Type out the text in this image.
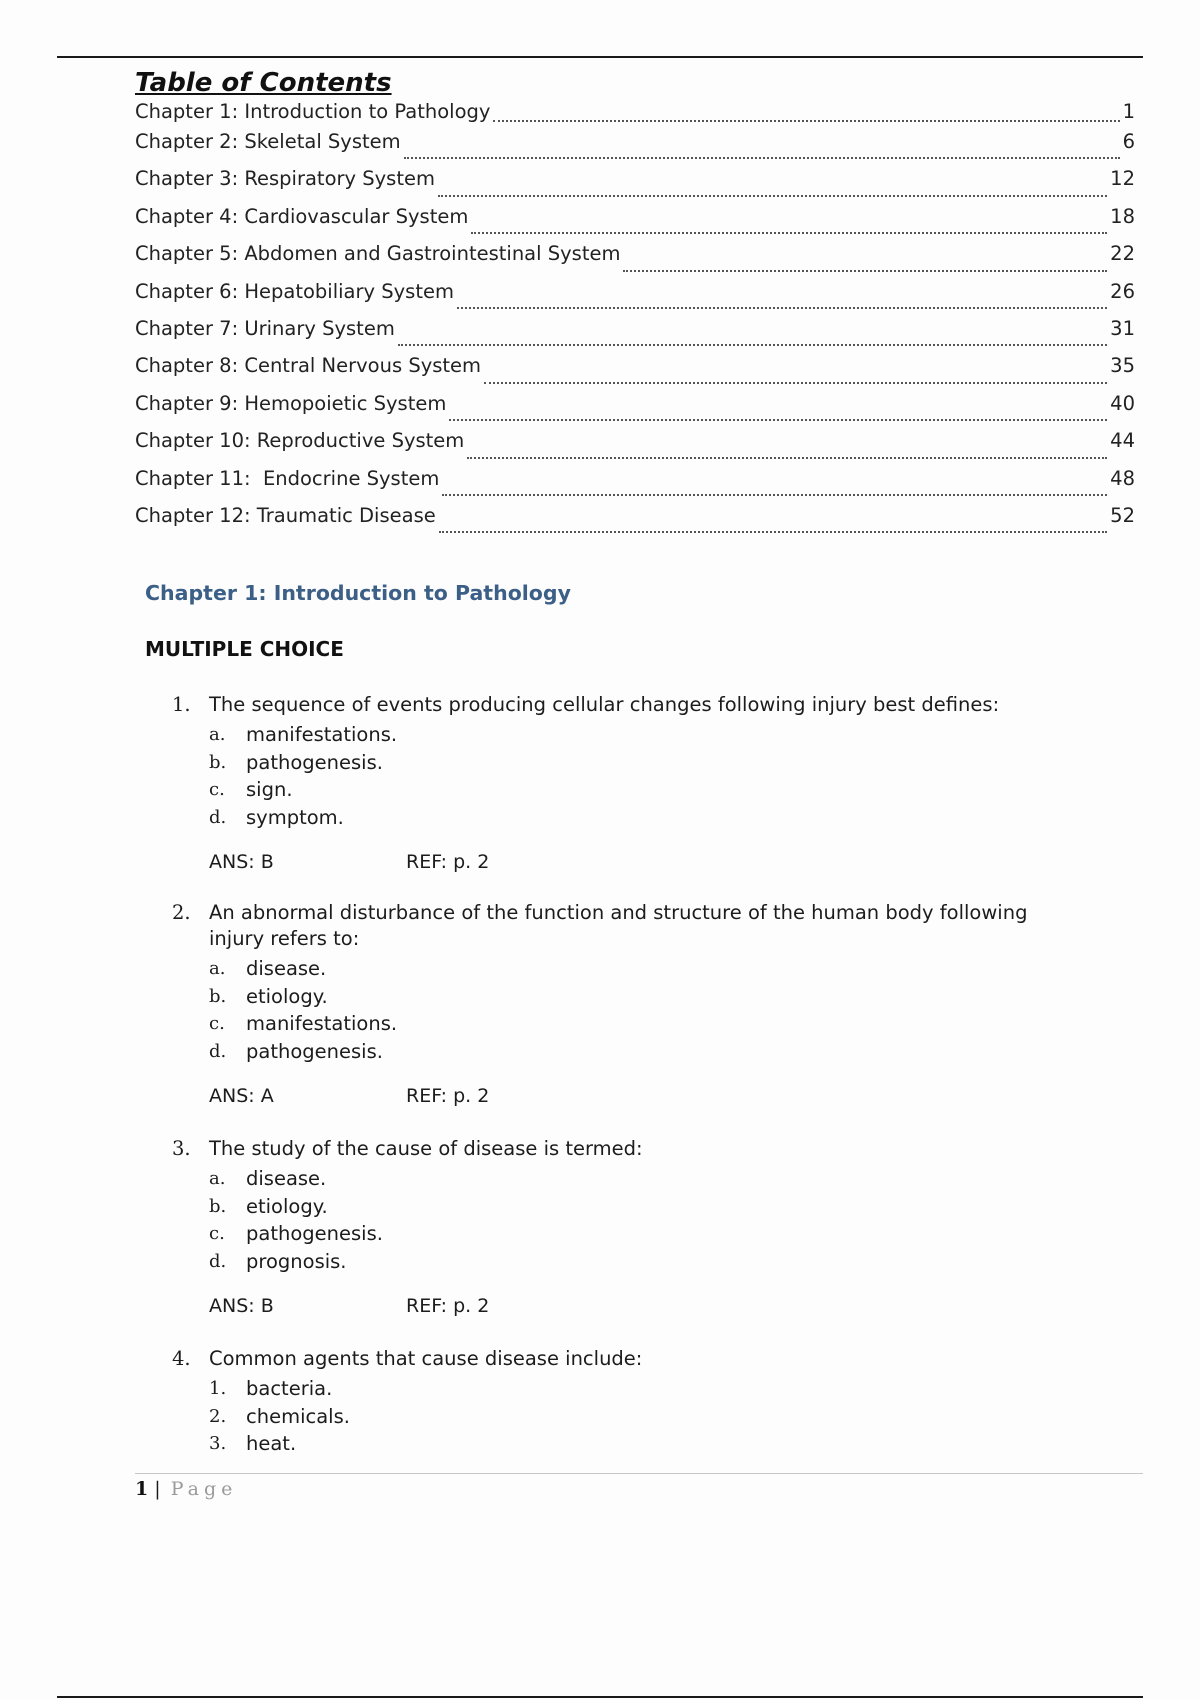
Table of Contents
Chapter 1: Introduction to Pathology	1
Chapter 2: Skeletal System	6
Chapter 3: Respiratory System	12
Chapter 4: Cardiovascular System	18
Chapter 5: Abdomen and Gastrointestinal System	22
Chapter 6: Hepatobiliary System	26
Chapter 7: Urinary System	31
Chapter 8: Central Nervous System	35
Chapter 9: Hemopoietic System	40
Chapter 10: Reproductive System	44
Chapter 11:  Endocrine System	48
Chapter 12: Traumatic Disease	52
Chapter 1: Introduction to Pathology
MULTIPLE CHOICE
1. The sequence of events producing cellular changes following injury best defines:
a.	manifestations.
b.	pathogenesis.
c.	sign.
d.	symptom.
ANS: B	REF: p. 2
2. An abnormal disturbance of the function and structure of the human body following injury refers to:
a.	disease.
b.	etiology.
c.	manifestations.
d.	pathogenesis.
ANS: A	REF: p. 2
3. The study of the cause of disease is termed:
a.	disease.
b.	etiology.
c.	pathogenesis.
d.	prognosis.
ANS: B	REF: p. 2
4. Common agents that cause disease include:
1.	bacteria.
2.	chemicals.
3.	heat.

1 | Page
